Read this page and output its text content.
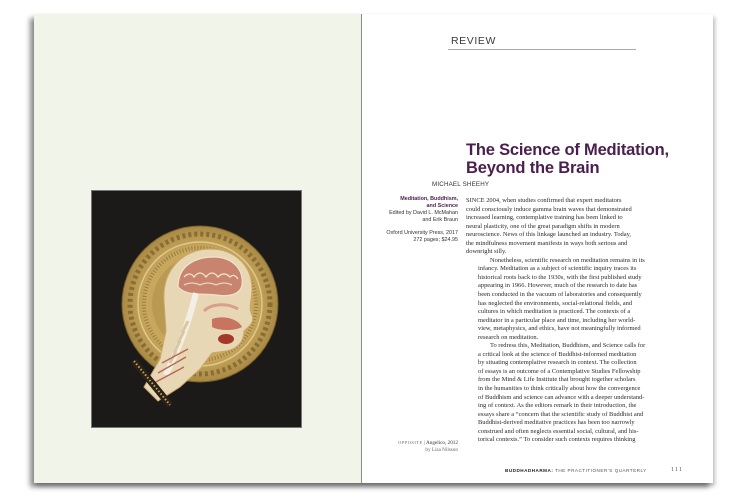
REVIEW
The Science of Meditation,
Beyond the Brain
MICHAEL SHEEHY
Meditation, Buddhism,
and Science
Edited by David L. McMahan
and Erik Braun
Oxford University Press, 2017
272 pages; $24.95

SINCE 2004, when studies confirmed that expert meditators
could consciously induce gamma brain waves that demonstrated
increased learning, contemplative training has been linked to
neural plasticity, one of the great paradigm shifts in modern
neuroscience. News of this linkage launched an industry. Today,
the mindfulness movement manifests in ways both serious and
downright silly.

Nonetheless, scientific research on meditation remains in its
infancy. Meditation as a subject of scientific inquiry traces its
historical roots back to the 1930s, with the first published study
appearing in 1966. However, much of the research to date has
been conducted in the vacuum of laboratories and consequently
has neglected the environments, social-relational fields, and
cultures in which meditation is practiced. The contexts of a
meditator in a particular place and time, including her world-
view, metaphysics, and ethics, have not meaningfully informed
research on meditation.

To redress this, Meditation, Buddhism, and Science calls for
a critical look at the science of Buddhist-informed meditation
by situating contemplative research in context. The collection
of essays is an outcome of a Contemplative Studies Fellowship
from the Mind & Life Institute that brought together scholars
in the humanities to think critically about how the convergence
of Buddhism and science can advance with a deeper understand-
ing of context. As the editors remark in their introduction, the
essays share a “concern that the scientific study of Buddhist and
Buddhist-derived meditative practices has been too narrowly
construed and often neglects essential social, cultural, and his-
torical contexts.” To consider such contexts requires thinking

OPPOSITE | Angelico, 2012
by Lisa Nilsson
BUDDHADHARMA: THE PRACTITIONER’S QUARTERLY	111
